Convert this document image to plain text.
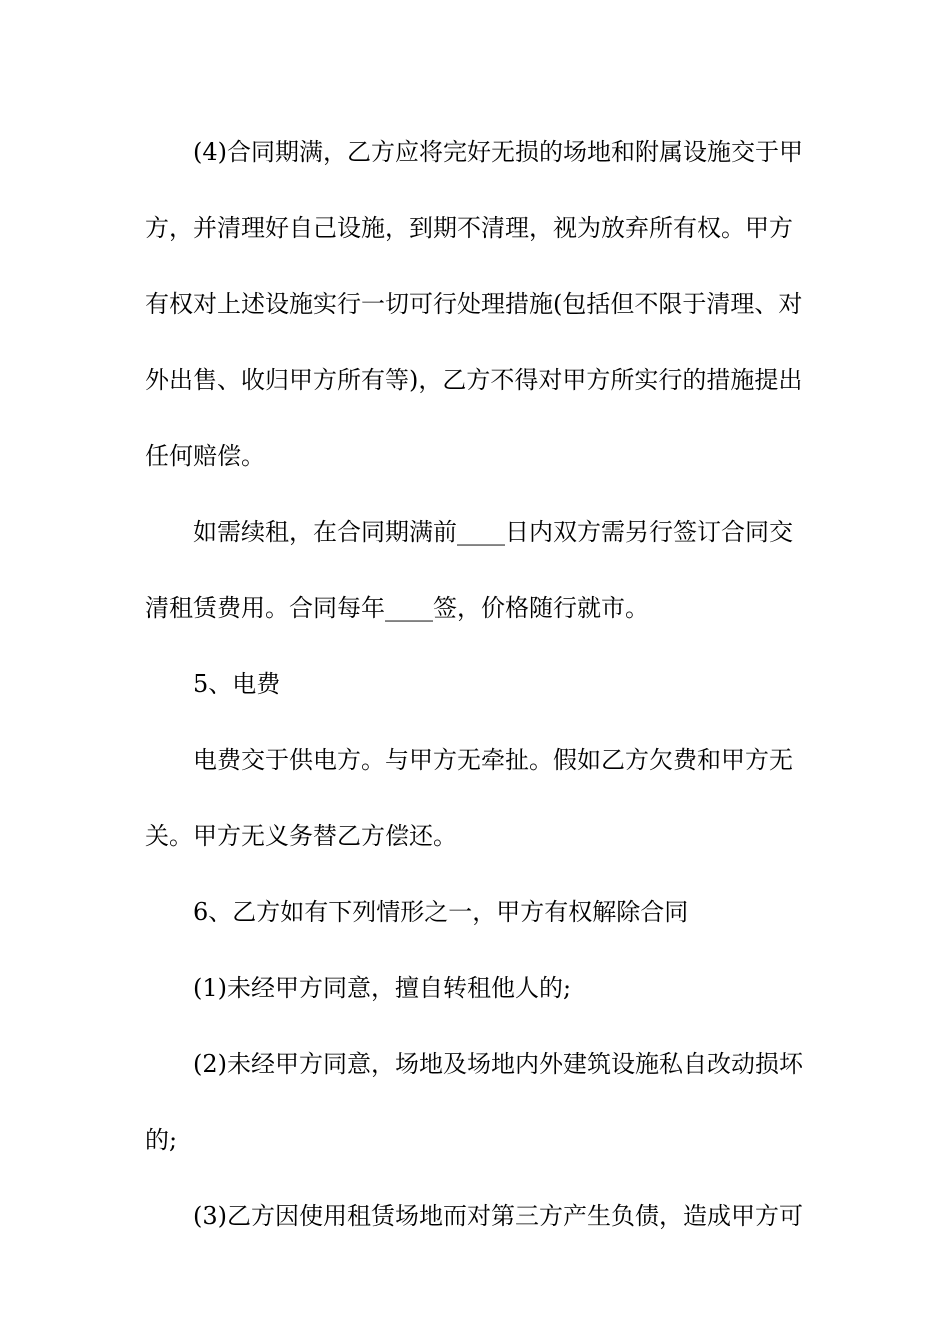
(4)合同期满，乙方应将完好无损的场地和附属设施交于甲
方，并清理好自己设施，到期不清理，视为放弃所有权。甲方
有权对上述设施实行一切可行处理措施(包括但不限于清理、对
外出售、收归甲方所有等)，乙方不得对甲方所实行的措施提出
任何赔偿。
如需续租，在合同期满前____日内双方需另行签订合同交
清租赁费用。合同每年____签，价格随行就市。
5、电费
电费交于供电方。与甲方无牵扯。假如乙方欠费和甲方无
关。甲方无义务替乙方偿还。
6、乙方如有下列情形之一，甲方有权解除合同
(1)未经甲方同意，擅自转租他人的;
(2)未经甲方同意，场地及场地内外建筑设施私自改动损坏
的;
(3)乙方因使用租赁场地而对第三方产生负债，造成甲方可
